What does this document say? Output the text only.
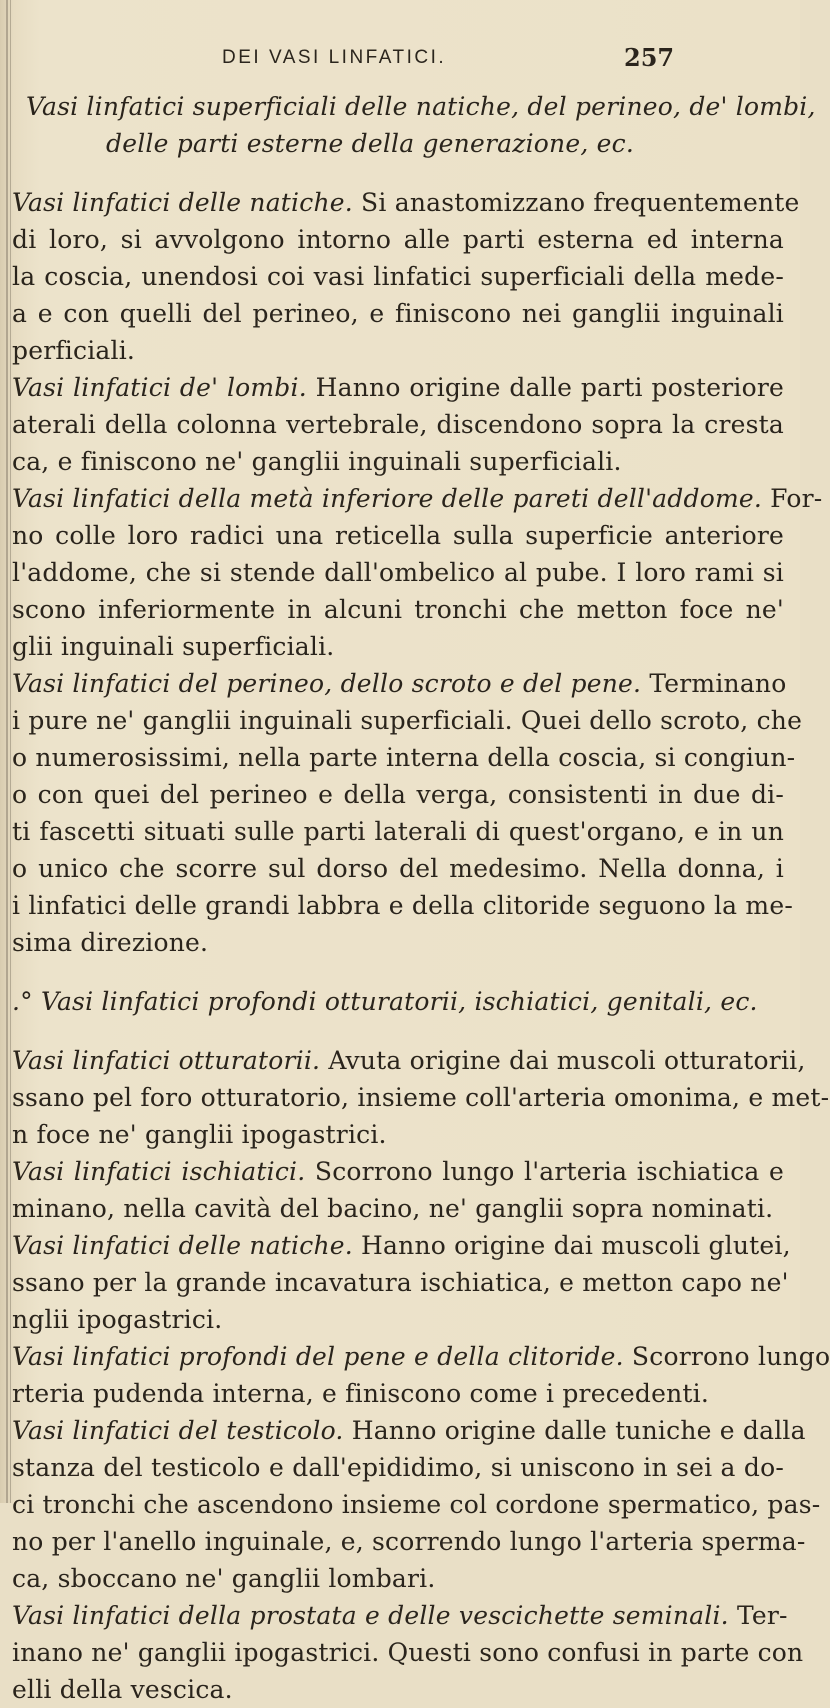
DEI VASI LINFATICI.	257
Vasi linfatici superficiali delle natiche, del perineo, de' lombi,
delle parti esterne della generazione, ec.
Vasi linfatici delle natiche. Si anastomizzano frequentemente
di loro, si avvolgono intorno alle parti esterna ed interna
la coscia, unendosi coi vasi linfatici superficiali della mede-
a e con quelli del perineo, e finiscono nei ganglii inguinali
perficiali.
Vasi linfatici de' lombi. Hanno origine dalle parti posteriore
aterali della colonna vertebrale, discendono sopra la cresta
ca, e finiscono ne' ganglii inguinali superficiali.
Vasi linfatici della metà inferiore delle pareti dell'addome. For-
no colle loro radici una reticella sulla superficie anteriore
l'addome, che si stende dall'ombelico al pube. I loro rami si
scono inferiormente in alcuni tronchi che metton foce ne'
glii inguinali superficiali.
Vasi linfatici del perineo, dello scroto e del pene. Terminano
i pure ne' ganglii inguinali superficiali. Quei dello scroto, che
o numerosissimi, nella parte interna della coscia, si congiun-
o con quei del perineo e della verga, consistenti in due di-
ti fascetti situati sulle parti laterali di quest'organo, e in un
o unico che scorre sul dorso del medesimo. Nella donna, i
i linfatici delle grandi labbra e della clitoride seguono la me-
sima direzione.
.° Vasi linfatici profondi otturatorii, ischiatici, genitali, ec.
Vasi linfatici otturatorii. Avuta origine dai muscoli otturatorii,
ssano pel foro otturatorio, insieme coll'arteria omonima, e met-
n foce ne' ganglii ipogastrici.
Vasi linfatici ischiatici. Scorrono lungo l'arteria ischiatica e
minano, nella cavità del bacino, ne' ganglii sopra nominati.
Vasi linfatici delle natiche. Hanno origine dai muscoli glutei,
ssano per la grande incavatura ischiatica, e metton capo ne'
nglii ipogastrici.
Vasi linfatici profondi del pene e della clitoride. Scorrono lungo
rteria pudenda interna, e finiscono come i precedenti.
Vasi linfatici del testicolo. Hanno origine dalle tuniche e dalla
stanza del testicolo e dall'epididimo, si uniscono in sei a do-
ci tronchi che ascendono insieme col cordone spermatico, pas-
no per l'anello inguinale, e, scorrendo lungo l'arteria sperma-
ca, sboccano ne' ganglii lombari.
Vasi linfatici della prostata e delle vescichette seminali. Ter-
inano ne' ganglii ipogastrici. Questi sono confusi in parte con
elli della vescica.
